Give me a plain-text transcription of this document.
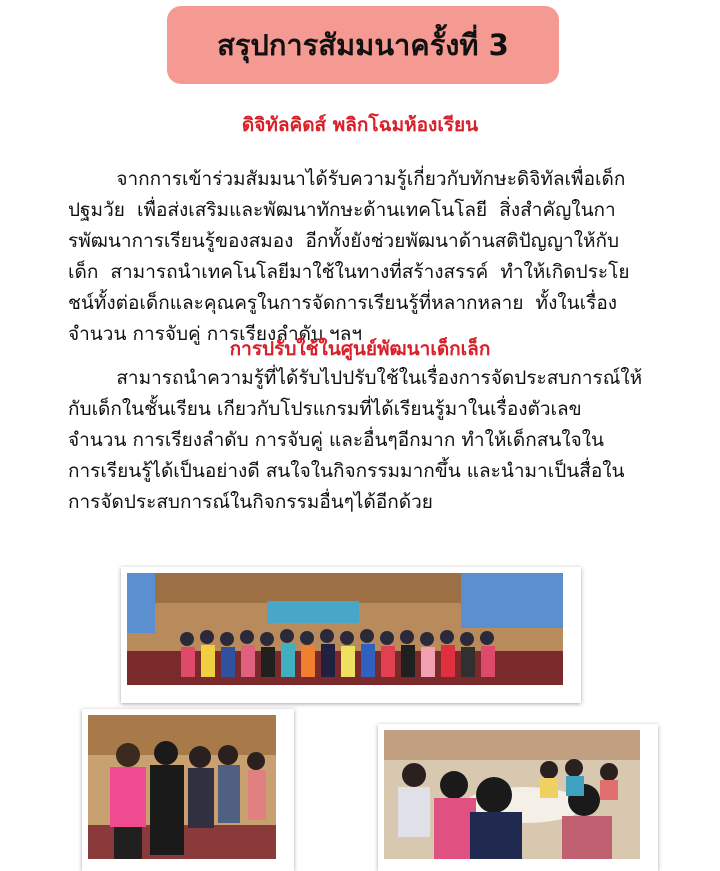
สรุปการสัมมนาครั้งที่ 3
ดิจิทัลคิดส์ พลิกโฉมห้องเรียน

จากการเข้าร่วมสัมมนาได้รับความรู้เกี่ยวกับทักษะดิจิทัลเพื่อเด็ก
ปฐมวัย  เพื่อส่งเสริมและพัฒนาทักษะด้านเทคโนโลยี  สิ่งสำคัญในกา
รพัฒนาการเรียนรู้ของสมอง  อีกทั้งยังช่วยพัฒนาด้านสติปัญญาให้กับ
เด็ก  สามารถนำเทคโนโลยีมาใช้ในทางที่สร้างสรรค์  ทำให้เกิดประโย
ชน์ทั้งต่อเด็กและคุณครูในการจัดการเรียนรู้ที่หลากหลาย  ทั้งในเรื่อง
จำนวน การจับคู่ การเรียงลำดับ ฯลฯ

การปรับใช้ในศูนย์พัฒนาเด็กเล็ก

สามารถนำความรู้ที่ได้รับไปปรับใช้ในเรื่องการจัดประสบการณ์ให้
กับเด็กในชั้นเรียน เกียวกับโปรแกรมที่ได้เรียนรู้มาในเรื่องตัวเลข
จำนวน การเรียงลำดับ การจับคู่ และอื่นๆอีกมาก ทำให้เด็กสนใจใน
การเรียนรู้ได้เป็นอย่างดี สนใจในกิจกรรมมากขึ้น และนำมาเป็นสื่อใน
การจัดประสบการณ์ในกิจกรรมอื่นๆได้อีกด้วย
